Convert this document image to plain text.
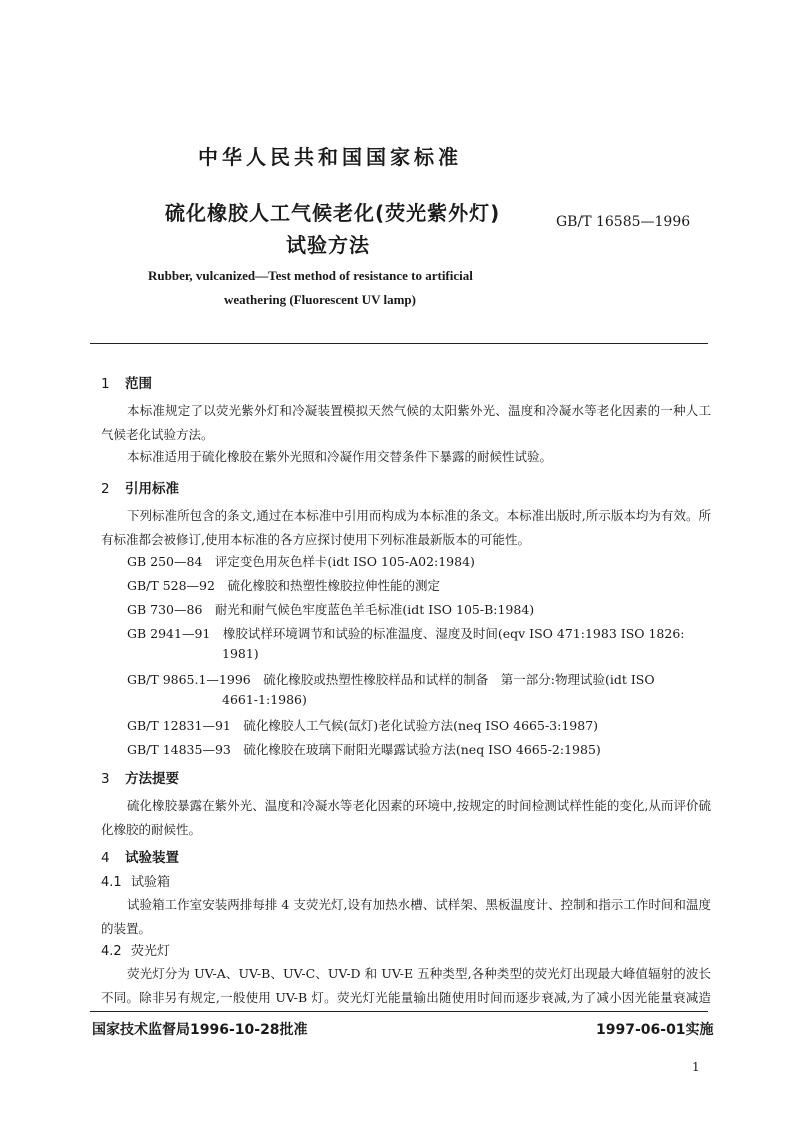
中华人民共和国国家标准
硫化橡胶人工气候老化(荧光紫外灯)
试验方法
GB/T 16585—1996
Rubber, vulcanized—Test method of resistance to artificial
weathering (Fluorescent UV lamp)
1 范围
本标准规定了以荧光紫外灯和冷凝装置模拟天然气候的太阳紫外光、温度和冷凝水等老化因素的一种人工气候老化试验方法。
本标准适用于硫化橡胶在紫外光照和冷凝作用交替条件下暴露的耐候性试验。
2 引用标准
下列标准所包含的条文,通过在本标准中引用而构成为本标准的条文。本标准出版时,所示版本均为有效。所有标准都会被修订,使用本标准的各方应探讨使用下列标准最新版本的可能性。
GB 250—84　评定变色用灰色样卡(idt ISO 105-A02:1984)
GB/T 528—92　硫化橡胶和热塑性橡胶拉伸性能的测定
GB 730—86　耐光和耐气候色牢度蓝色羊毛标准(idt ISO 105-B:1984)
GB 2941—91　橡胶试样环境调节和试验的标准温度、湿度及时间(eqv ISO 471:1983 ISO 1826:
1981)
GB/T 9865.1—1996　硫化橡胶或热塑性橡胶样品和试样的制备　第一部分:物理试验(idt ISO
4661-1:1986)
GB/T 12831—91　硫化橡胶人工气候(氙灯)老化试验方法(neq ISO 4665-3:1987)
GB/T 14835—93　硫化橡胶在玻璃下耐阳光曝露试验方法(neq ISO 4665-2:1985)
3 方法提要
硫化橡胶暴露在紫外光、温度和冷凝水等老化因素的环境中,按规定的时间检测试样性能的变化,从而评价硫化橡胶的耐候性。
4 试验装置
4.1 试验箱
试验箱工作室安装两排每排 4 支荧光灯,设有加热水槽、试样架、黑板温度计、控制和指示工作时间和温度的装置。
4.2 荧光灯
荧光灯分为 UV-A、UV-B、UV-C、UV-D 和 UV-E 五种类型,各种类型的荧光灯出现最大峰值辐射的波长不同。除非另有规定,一般使用 UV-B 灯。荧光灯光能量输出随使用时间而逐步衰减,为了减小因光能量衰减造
国家技术监督局1996-10-28批准	1997-06-01实施
1
